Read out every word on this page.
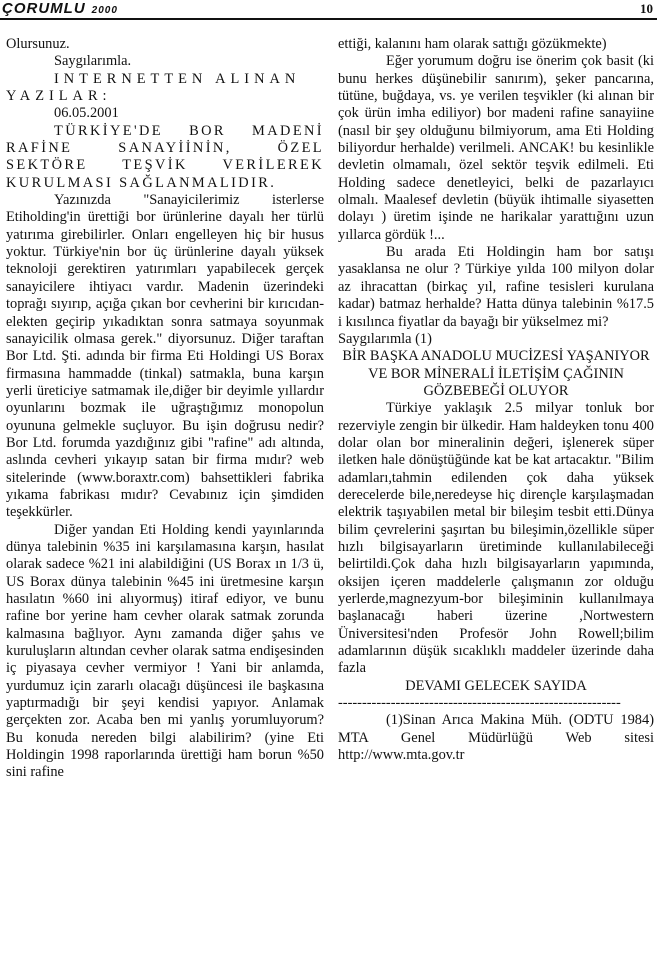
ÇORUMLU 2000	10

Olursunuz.

Saygılarımla.

INTERNETTEN ALINAN YAZILAR:

06.05.2001

TÜRKİYE'DE BOR MADENİ RAFİNE SANAYİİNİN, ÖZEL SEKTÖRE TEŞVİK VERİLEREK KURULMASI SAĞLANMALIDIR.

Yazınızda "Sanayicilerimiz isterlerse Etiholding'in ürettiği bor ürünlerine dayalı her türlü yatırıma girebilirler. Onları engelleyen hiç bir husus yoktur. Türkiye'nin bor üç ürünlerine dayalı yüksek teknoloji gerektiren yatırımları yapabilecek gerçek sanayicilere ihtiyacı vardır. Madenin üzerindeki toprağı sıyırıp, açığa çıkan bor cevherini bir kırıcıdan-elekten geçirip yıkadıktan sonra satmaya soyunmak sanayicilik olmasa gerek." diyorsunuz. Diğer taraftan Bor Ltd. Şti. adında bir firma Eti Holdingi US Borax firmasına hammadde (tinkal) satmakla, buna karşın yerli üreticiye satmamak ile,diğer bir deyimle yıllardır oyunlarını bozmak ile uğraştığımız monopolun oyununa gelmekle suçluyor. Bu işin doğrusu nedir? Bor Ltd. forumda yazdığınız gibi "rafine" adı altında, aslında cevheri yıkayıp satan bir firma mıdır? web sitelerinde (www.boraxtr.com) bahsettikleri fabrika yıkama fabrikası mıdır? Cevabınız için şimdiden teşekkürler.

Diğer yandan Eti Holding kendi yayınlarında dünya talebinin %35 ini karşılamasına karşın, hasılat olarak sadece %21 ini alabildiğini (US Borax ın 1/3 ü, US Borax dünya talebinin %45 ini üretmesine karşın hasılatın %60 ini alıyormuş) itiraf ediyor, ve bunu rafine bor yerine ham cevher olarak satmak zorunda kalmasına bağlıyor. Aynı zamanda diğer şahıs ve kuruluşların altından cevher olarak satma endişesinden iç piyasaya cevher vermiyor ! Yani bir anlamda, yurdumuz için zararlı olacağı düşüncesi ile başkasına yaptırmadığı bir şeyi kendisi yapıyor. Anlamak gerçekten zor. Acaba ben mi yanlış yorumluyorum? Bu konuda nereden bilgi alabilirim? (yine Eti Holdingin 1998 raporlarında ürettiği ham borun %50 sini rafine

ettiği, kalanını ham olarak sattığı gözükmekte)

Eğer yorumum doğru ise önerim çok basit (ki bunu herkes düşünebilir sanırım), şeker pancarına, tütüne, buğdaya, vs. ye verilen teşvikler (ki alınan bir çok ürün imha ediliyor) bor madeni rafine sanayiine (nasıl bir şey olduğunu bilmiyorum, ama Eti Holding biliyordur herhalde) verilmeli. ANCAK! bu kesinlikle devletin olmamalı, özel sektör teşvik edilmeli. Eti Holding sadece denetleyici, belki de pazarlayıcı olmalı. Maalesef devletin (büyük ihtimalle siyasetten dolayı ) üretim işinde ne harikalar yarattığını uzun yıllarca gördük !...

Bu arada Eti Holdingin ham bor satışı yasaklansa ne olur ? Türkiye yılda 100 milyon dolar az ihracattan (birkaç yıl, rafine tesisleri kurulana kadar) batmaz herhalde? Hatta dünya talebinin %17.5 i kısılınca fiyatlar da bayağı bir yükselmez mi?

Saygılarımla (1)

BİR BAŞKA ANADOLU MUCİZESİ YAŞANIYOR VE BOR MİNERALİ İLETİŞİM ÇAĞININ GÖZBEBEĞİ OLUYOR

Türkiye yaklaşık 2.5 milyar tonluk bor rezerviyle zengin bir ülkedir. Ham haldeyken tonu 400 dolar olan bor mineralinin değeri, işlenerek süper iletken hale dönüştüğünde kat be kat artacaktır. "Bilim adamları,tahmin edilenden çok daha yüksek derecelerde bile,neredeyse hiç dirençle karşılaşmadan elektrik taşıyabilen metal bir bileşim tesbit etti.Dünya bilim çevrelerini şaşırtan bu bileşimin,özellikle süper hızlı bilgisayarların üretiminde kullanılabileceği belirtildi.Çok daha hızlı bilgisayarların yapımında, oksijen içeren maddelerle çalışmanın zor olduğu yerlerde,magnezyum-bor bileşiminin kullanılmaya başlanacağı haberi üzerine ,Nortwestern Üniversitesi'nden Profesör John Rowell;bilim adamlarının düşük sıcaklıklı maddeler üzerinde daha fazla

DEVAMI GELECEK SAYIDA

-----------------------------------------------------------

(1)Sinan Arıca Makina Müh. (ODTU 1984) MTA Genel Müdürlüğü Web sitesi http://www.mta.gov.tr
